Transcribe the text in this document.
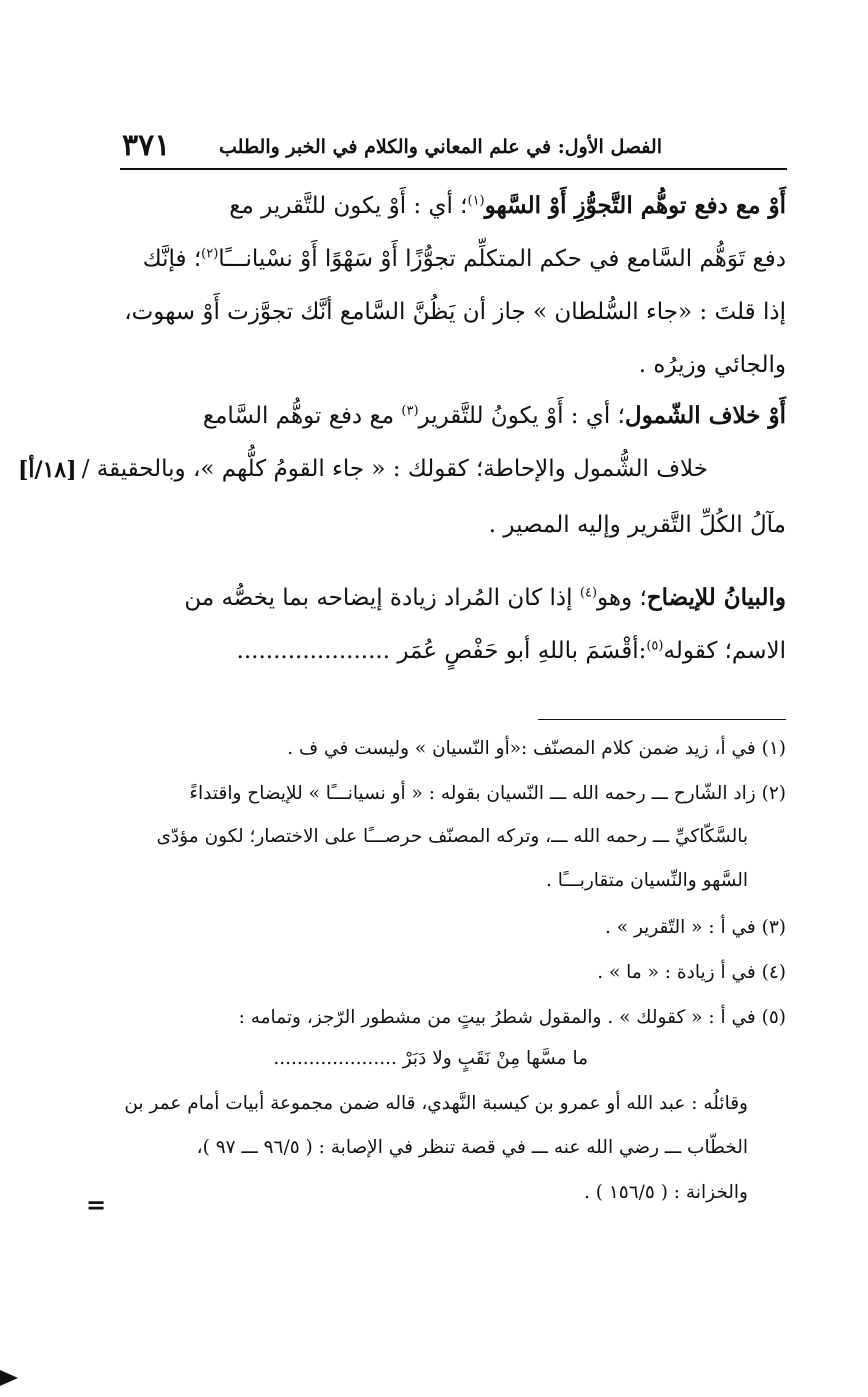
٣٧١	الفصل الأول: في علم المعاني والكلام في الخبر والطلب
أَوْ مع دفع توهُّم التَّجوُّزِ أَوْ السَّهو$^{(١)}$؛ أي : أَوْ يكون للتَّقرير مع
دفع تَوَهُّم السَّامع في حكم المتكلِّم تجوُّزًا أَوْ سَهْوًا أَوْ نسْيانـــًا$^{(٢)}$؛ فإنَّك
إذا قلتَ : «جاء السُّلطان » جاز أن يَظُنَّ السَّامع أنَّك تجوَّزت أَوْ سهوت،
والجائي وزيرُه .
أَوْ خلاف الشّمول؛ أي : أَوْ يكونُ للتَّقرير$^{(٣)}$ مع دفع توهُّم السَّامع
خلاف الشُّمول والإحاطة؛ كقولك : « جاء القومُ كلُّهم »، وبالحقيقة /
[١٨/أ]
مآلُ الكُلِّ التَّقرير وإليه المصير .
والبيانُ للإيضاح؛ وهو$^{(٤)}$ إذا كان المُراد زيادة إيضاحه بما يخصُّه من
الاسم؛ كقوله$^{(٥)}$:أقْسَمَ باللهِ أبو حَفْصٍ عُمَر .....................
(١) في أ، زيد ضمن كلام المصنّف :«أو النّسيان » وليست في ف .
(٢) زاد الشّارح ـــ رحمه الله ـــ النّسيان بقوله : « أو نسيانـــًا » للإيضاح واقتداءً
بالسَّكّاكيِّ ـــ رحمه الله ـــ، وتركه المصنّف حرصـــًا على الاختصار؛ لكون مؤدّى
السَّهو والنِّسيان متقاربـــًا .
(٣) في أ : « التّقرير » .
(٤) في أ زيادة : « ما » .
(٥) في أ : « كقولك » . والمقول شطرُ بيتٍ من مشطور الرّجز، وتمامه :
ما مسَّها مِنْ نَقَبٍ ولا دَبَرْ .....................
وقائلُه : عبد الله أو عمرو بن كيسبة النَّهدي، قاله ضمن مجموعة أبيات أمام عمر بن
الخطّاب ـــ رضي الله عنه ـــ في قصة تنظر في الإصابة : ( ٩٦/٥ ـــ ٩٧ )،
والخزانة : ( ١٥٦/٥ ) .
=
